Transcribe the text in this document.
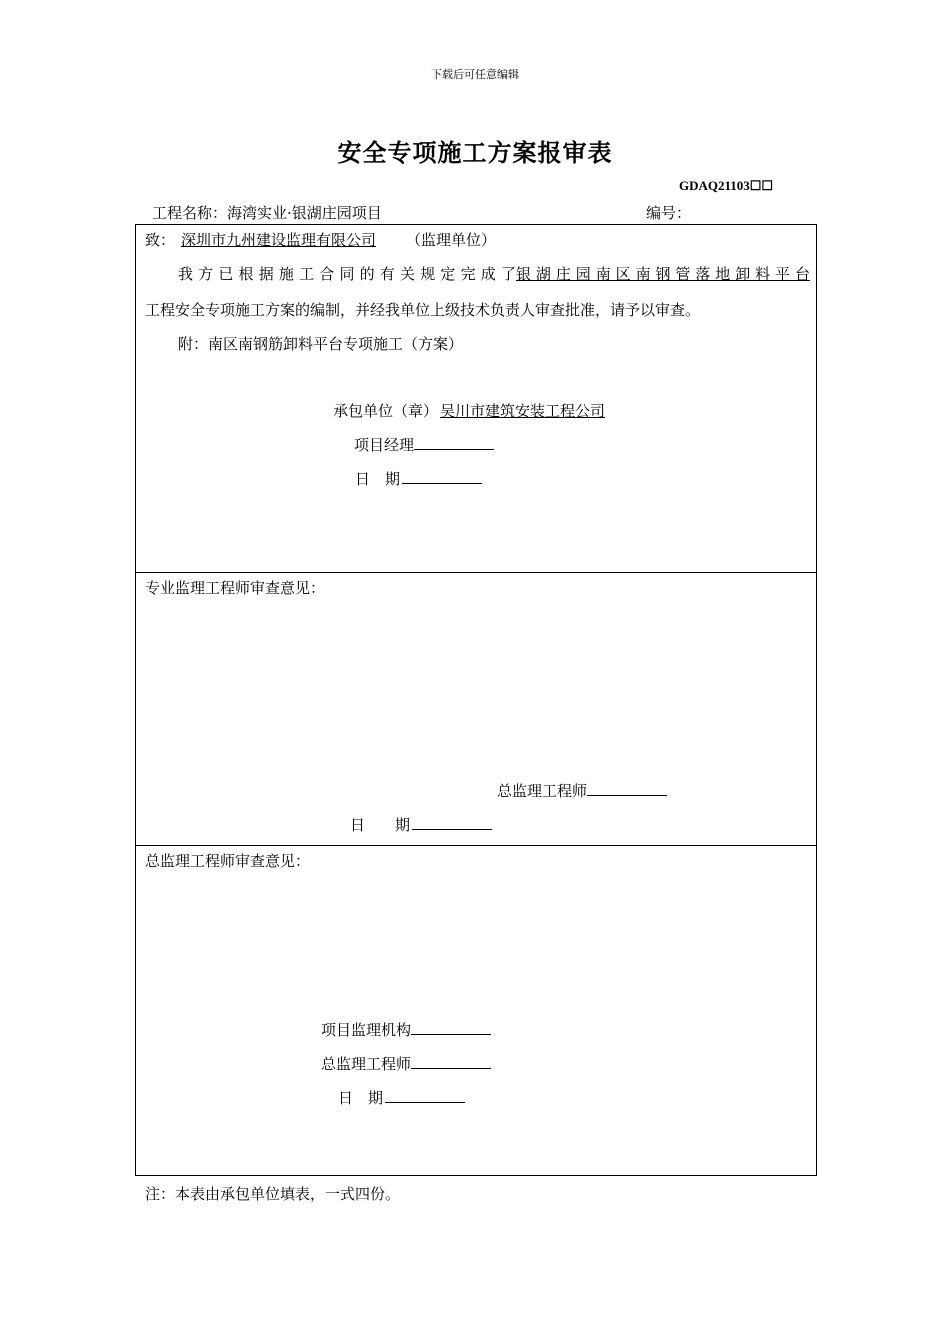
下载后可任意编辑
安全专项施工方案报审表
GDAQ21103☐☐
工程名称：海湾实业·银湖庄园项目	编号：
致： 深圳市九州建设监理有限公司 （监理单位）
我方已根据施工合同的有关规定完成了 银湖庄园南区南钢管落地卸料平台
工程安全专项施工方案的编制，并经我单位上级技术负责人审查批准，请予以审查。
附：南区南钢筋卸料平台专项施工（方案）
承包单位（章） 吴川市建筑安装工程公司
项目经理
日　期
专业监理工程师审查意见：
总监理工程师
日　　期
总监理工程师审查意见：
项目监理机构
总监理工程师
日　期
注：本表由承包单位填表，一式四份。
